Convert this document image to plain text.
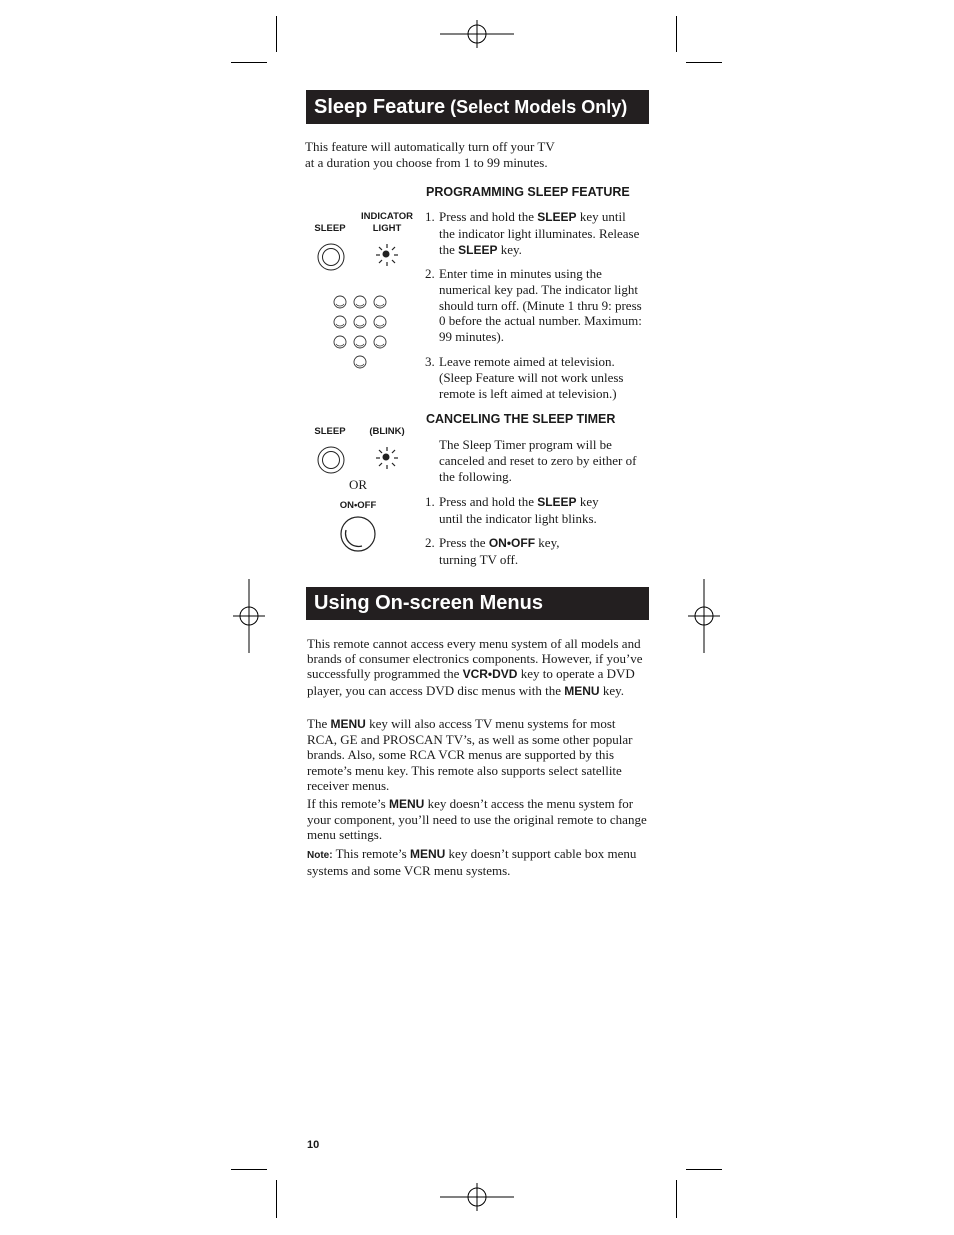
Sleep Feature (Select Models Only)
This feature will automatically turn off your TV
at a duration you choose from 1 to 99 minutes.
SLEEP
INDICATOR
LIGHT
PROGRAMMING SLEEP FEATURE
1. Press and hold the SLEEP key until the indicator light illuminates. Release the SLEEP key.
2. Enter time in minutes using the numerical key pad. The indicator light should turn off. (Minute 1 thru 9: press 0 before the actual number. Maximum: 99 minutes).
3. Leave remote aimed at television. (Sleep Feature will not work unless remote is left aimed at television.)
CANCELING THE SLEEP TIMER
SLEEP	(BLINK)
OR
ON•OFF
The Sleep Timer program will be canceled and reset to zero by either of the following.
1. Press and hold the SLEEP key until the indicator light blinks.
2. Press the ON•OFF key,
turning TV off.
Using On-screen Menus
This remote cannot access every menu system of all models and brands of consumer electronics components. However, if you’ve successfully programmed the VCR•DVD key to operate a DVD player, you can access DVD disc menus with the MENU key.
The MENU key will also access TV menu systems for most RCA, GE and PROSCAN TV’s, as well as some other popular brands. Also, some RCA VCR menus are supported by this remote’s menu key. This remote also supports select satellite receiver menus.
If this remote’s MENU key doesn’t access the menu system for your component, you’ll need to use the original remote to change menu settings.
Note: This remote’s MENU key doesn’t support cable box menu systems and some VCR menu systems.
10
